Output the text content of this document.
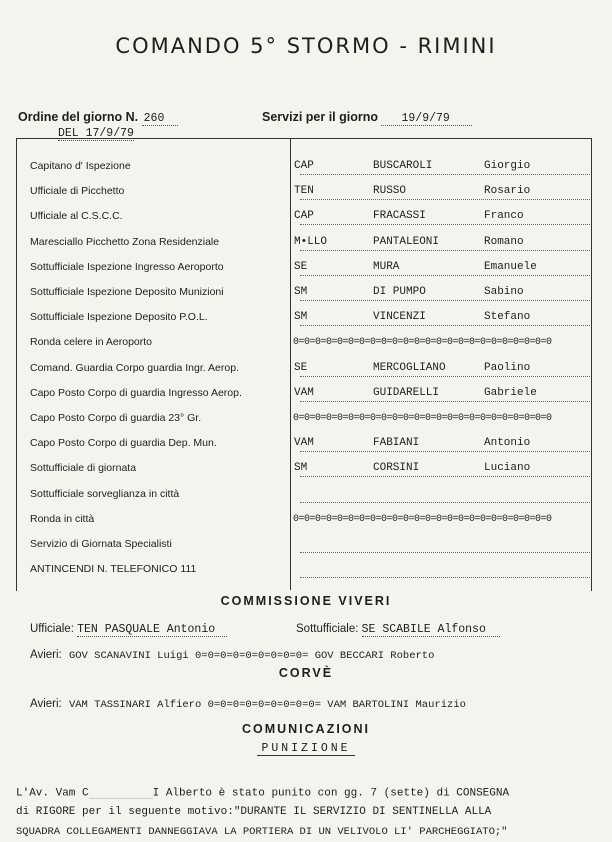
COMANDO 5° STORMO - RIMINI
Ordine del giorno N. 260
DEL 17/9/79
Servizi per il giorno 19/9/79
Capitano d' Ispezione	CAP	BUSCAROLI	Giorgio
Ufficiale di Picchetto	TEN	RUSSO	Rosario
Ufficiale al C.S.C.C.	CAP	FRACASSI	Franco
Maresciallo Picchetto Zona Residenziale	M•LLO	PANTALEONI	Romano
Sottufficiale Ispezione Ingresso Aeroporto	SE	MURA	Emanuele
Sottufficiale Ispezione Deposito Munizioni	SM	DI PUMPO	Sabino
Sottufficiale Ispezione Deposito P.O.L.	SM	VINCENZI	Stefano
Ronda celere in Aeroporto	0=0=0=0=0=0=0=0=0=0=0=0=0=0=0=0=0=0=0=0=0=0=0=0
Comand. Guardia Corpo guardia Ingr. Aerop.	SE	MERCOGLIANO	Paolino
Capo Posto Corpo di guardia Ingresso Aerop.	VAM	GUIDARELLI	Gabriele
Capo Posto Corpo di guardia 23° Gr.	0=0=0=0=0=0=0=0=0=0=0=0=0=0=0=0=0=0=0=0=0=0=0=0
Capo Posto Corpo di guardia Dep. Mun.	VAM	FABIANI	Antonio
Sottufficiale di giornata	SM	CORSINI	Luciano
Sottufficiale sorveglianza in città
Ronda in città	0=0=0=0=0=0=0=0=0=0=0=0=0=0=0=0=0=0=0=0=0=0=0=0
Servizio di Giornata Specialisti
ANTINCENDI N. TELEFONICO 111
COMMISSIONE VIVERI
Ufficiale: TEN PASQUALE Antonio	Sottufficiale: SE SCABILE Alfonso
Avieri: GOV SCANAVINI Luigi 0=0=0=0=0=0=0=0=0= GOV BECCARI Roberto
CORVÈ
Avieri: VAM TASSINARI Alfiero 0=0=0=0=0=0=0=0=0= VAM BARTOLINI Maurizio
COMUNICAZIONI
PUNIZIONE
L'Av. Vam C	I Alberto è stato punito con gg. 7 (sette) di CONSEGNA
di RIGORE per il seguente motivo:"DURANTE IL SERVIZIO DI SENTINELLA ALLA
SQUADRA COLLEGAMENTI DANNEGGIAVA LA PORTIERA DI UN VELIVOLO LI' PARCHEGGIATO;"
